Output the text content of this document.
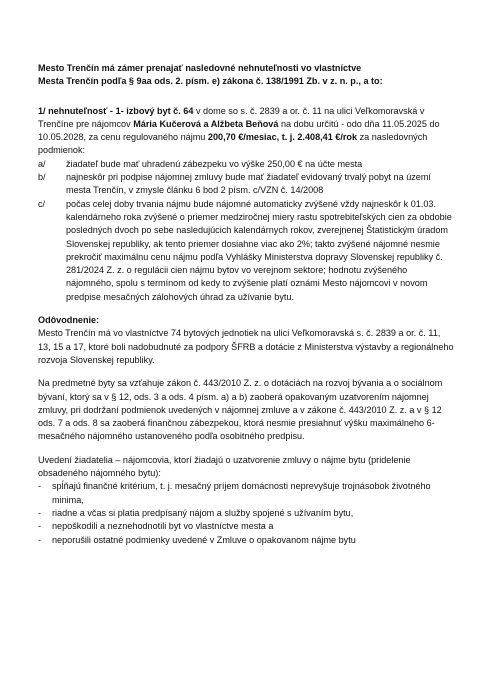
Mesto Trenčín má zámer prenajať nasledovné nehnuteľnosti vo vlastníctve

Mesta Trenčín podľa § 9aa ods. 2. písm. e) zákona č. 138/1991 Zb. v z. n. p., a to:

1/ nehnuteľnosť - 1- izbový byt č. 64 v dome so s. č. 2839 a or. č. 11 na ulici Veľkomoravská v Trenčíne pre nájomcov Mária Kučerová a Alžbeta Beňová na dobu určitú - odo dňa 11.05.2025 do 10.05.2028, za cenu regulovaného nájmu 200,70 €/mesiac, t. j. 2.408,41 €/rok za nasledovných podmienok:

a/ žiadateľ bude mať uhradenú zábezpeku vo výške 250,00 € na účte mesta
b/ najneskôr pri podpise nájomnej zmluvy bude mať žiadateľ evidovaný trvalý pobyt na území mesta Trenčín, v zmysle článku 6 bod 2 písm. c/VZN č. 14/2008
c/ počas celej doby trvania nájmu bude nájomné automaticky zvýšené vždy najneskôr k 01.03. kalendárneho roka zvýšené o priemer medziročnej miery rastu spotrebiteľských cien za obdobie posledných dvoch po sebe nasledujúcich kalendárnych rokov, zverejnenej Štatistickým úradom Slovenskej republiky, ak tento priemer dosiahne viac ako 2%; takto zvýšené nájomné nesmie prekročiť maximálnu cenu nájmu podľa Vyhlášky Ministerstva dopravy Slovenskej republiky č. 281/2024 Z. z. o regulácii cien nájmu bytov vo verejnom sektore; hodnotu zvýšeného nájomného, spolu s termínom od kedy to zvýšenie platí oznámi Mesto nájomcovi v novom predpise mesačných zálohových úhrad za užívanie bytu.

Odôvodnenie:

Mesto Trenčín má vo vlastníctve 74 bytových jednotiek na ulici Veľkomoravská s. č. 2839 a or. č. 11, 13, 15 a 17, ktoré boli nadobudnuté za podpory ŠFRB a dotácie z Ministerstva výstavby a regionálneho rozvoja Slovenskej republiky.

Na predmetné byty sa vzťahuje zákon č. 443/2010 Z. z. o dotáciách na rozvoj bývania a o sociálnom bývaní, ktorý sa v § 12, ods. 3 a ods. 4 písm. a) a b) zaoberá opakovaným uzatvorením nájomnej zmluvy, pri dodržaní podmienok uvedených v nájomnej zmluve a v zákone č. 443/2010 Z. z. a v § 12 ods. 7 a ods. 8 sa zaoberá finančnou zábezpekou, ktorá nesmie presiahnuť výšku maximálneho 6- mesačného nájomného ustanoveného podľa osobitného predpisu.

Uvedení žiadatelia – nájomcovia, ktorí žiadajú o uzatvorenie zmluvy o nájme bytu (pridelenie obsadeného nájomného bytu):

- spĺňajú finančné kritérium, t. j. mesačný príjem domácnosti neprevyšuje trojnásobok životného minima,
- riadne a včas si platia predpísaný nájom a služby spojené s užívaním bytu,
- nepoškodili a neznehodnotili byt vo vlastníctve mesta a
- neporušili ostatné podmienky uvedené v Zmluve o opakovanom nájme bytu
